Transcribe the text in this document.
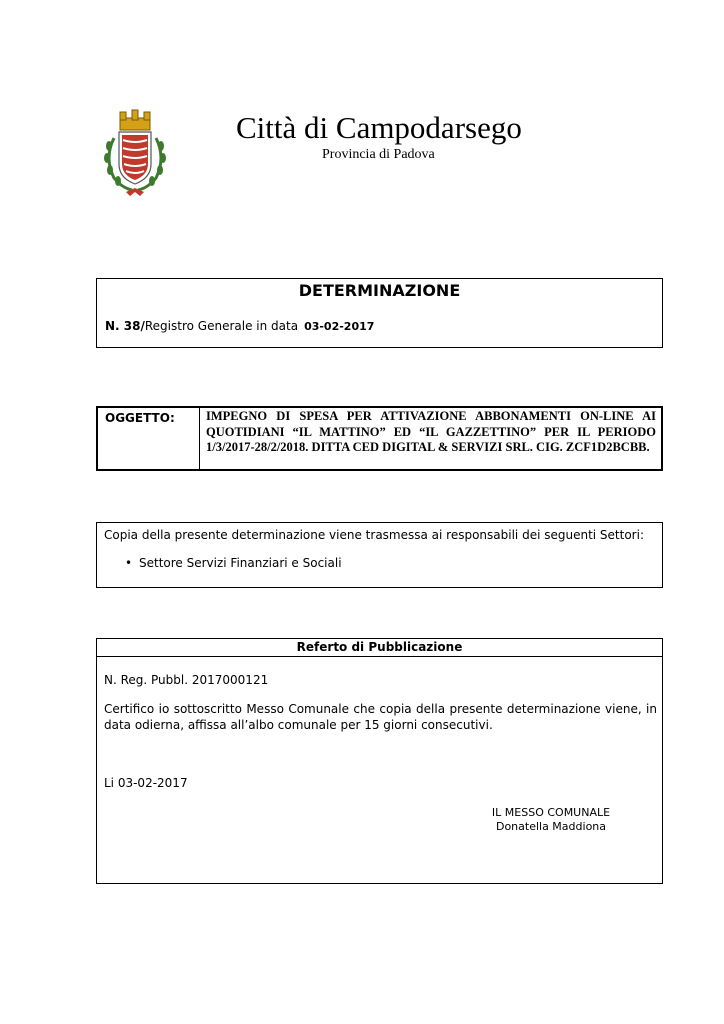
Città di Campodarsego
Provincia di Padova
DETERMINAZIONE
N. 38/Registro Generale in data 03-02-2017
OGGETTO:	IMPEGNO DI SPESA PER ATTIVAZIONE ABBONAMENTI ON-LINE AI QUOTIDIANI “IL MATTINO” ED “IL GAZZETTINO” PER IL PERIODO 1/3/2017-28/2/2018. DITTA CED DIGITAL & SERVIZI SRL. CIG. ZCF1D2BCBB.
Copia della presente determinazione viene trasmessa ai responsabili dei seguenti Settori:
• Settore Servizi Finanziari e Sociali
Referto di Pubblicazione
N. Reg. Pubbl. 2017000121
Certifico io sottoscritto Messo Comunale che copia della presente determinazione viene, in data odierna, affissa all’albo comunale per 15 giorni consecutivi.
Li 03-02-2017
IL MESSO COMUNALE
Donatella Maddiona
